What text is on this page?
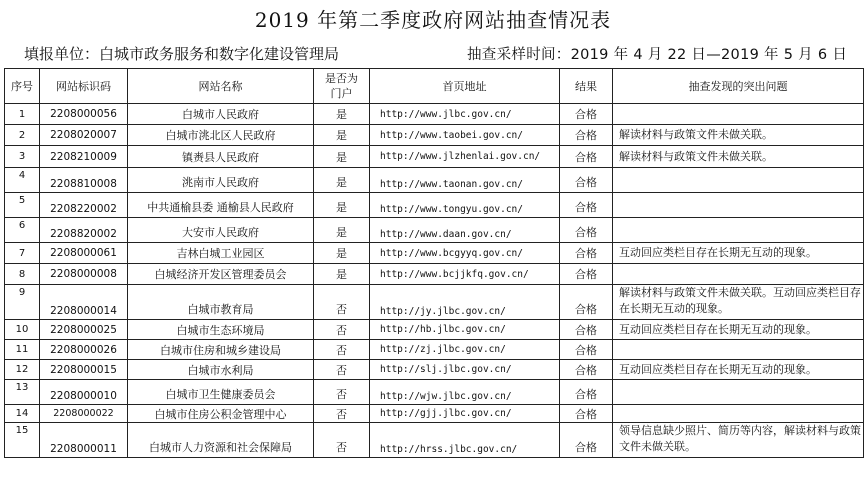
2019 年第二季度政府网站抽查情况表
填报单位：白城市政务服务和数字化建设管理局	抽查采样时间：2019 年 4 月 22 日—2019 年 5 月 6 日
序号	网站标识码	网站名称	是否为门户	首页地址	结果	抽查发现的突出问题
1	2208000056	白城市人民政府	是	http://www.jlbc.gov.cn/	合格	
2	2208020007	白城市洮北区人民政府	是	http://www.taobei.gov.cn/	合格	解读材料与政策文件未做关联。
3	2208210009	镇赉县人民政府	是	http://www.jlzhenlai.gov.cn/	合格	解读材料与政策文件未做关联。
4	2208810008	洮南市人民政府	是	http://www.taonan.gov.cn/	合格	
5	2208220002	中共通榆县委 通榆县人民政府	是	http://www.tongyu.gov.cn/	合格	
6	2208820002	大安市人民政府	是	http://www.daan.gov.cn/	合格	
7	2208000061	吉林白城工业园区	是	http://www.bcgyyq.gov.cn/	合格	互动回应类栏目存在长期无互动的现象。
8	2208000008	白城经济开发区管理委员会	是	http://www.bcjjkfq.gov.cn/	合格	
9	2208000014	白城市教育局	否	http://jy.jlbc.gov.cn/	合格	解读材料与政策文件未做关联。互动回应类栏目存在长期无互动的现象。
10	2208000025	白城市生态环境局	否	http://hb.jlbc.gov.cn/	合格	互动回应类栏目存在长期无互动的现象。
11	2208000026	白城市住房和城乡建设局	否	http://zj.jlbc.gov.cn/	合格	
12	2208000015	白城市水利局	否	http://slj.jlbc.gov.cn/	合格	互动回应类栏目存在长期无互动的现象。
13	2208000010	白城市卫生健康委员会	否	http://wjw.jlbc.gov.cn/	合格	
14	2208000022	白城市住房公积金管理中心	否	http://gjj.jlbc.gov.cn/	合格	
15	2208000011	白城市人力资源和社会保障局	否	http://hrss.jlbc.gov.cn/	合格	领导信息缺少照片、简历等内容，解读材料与政策文件未做关联。
